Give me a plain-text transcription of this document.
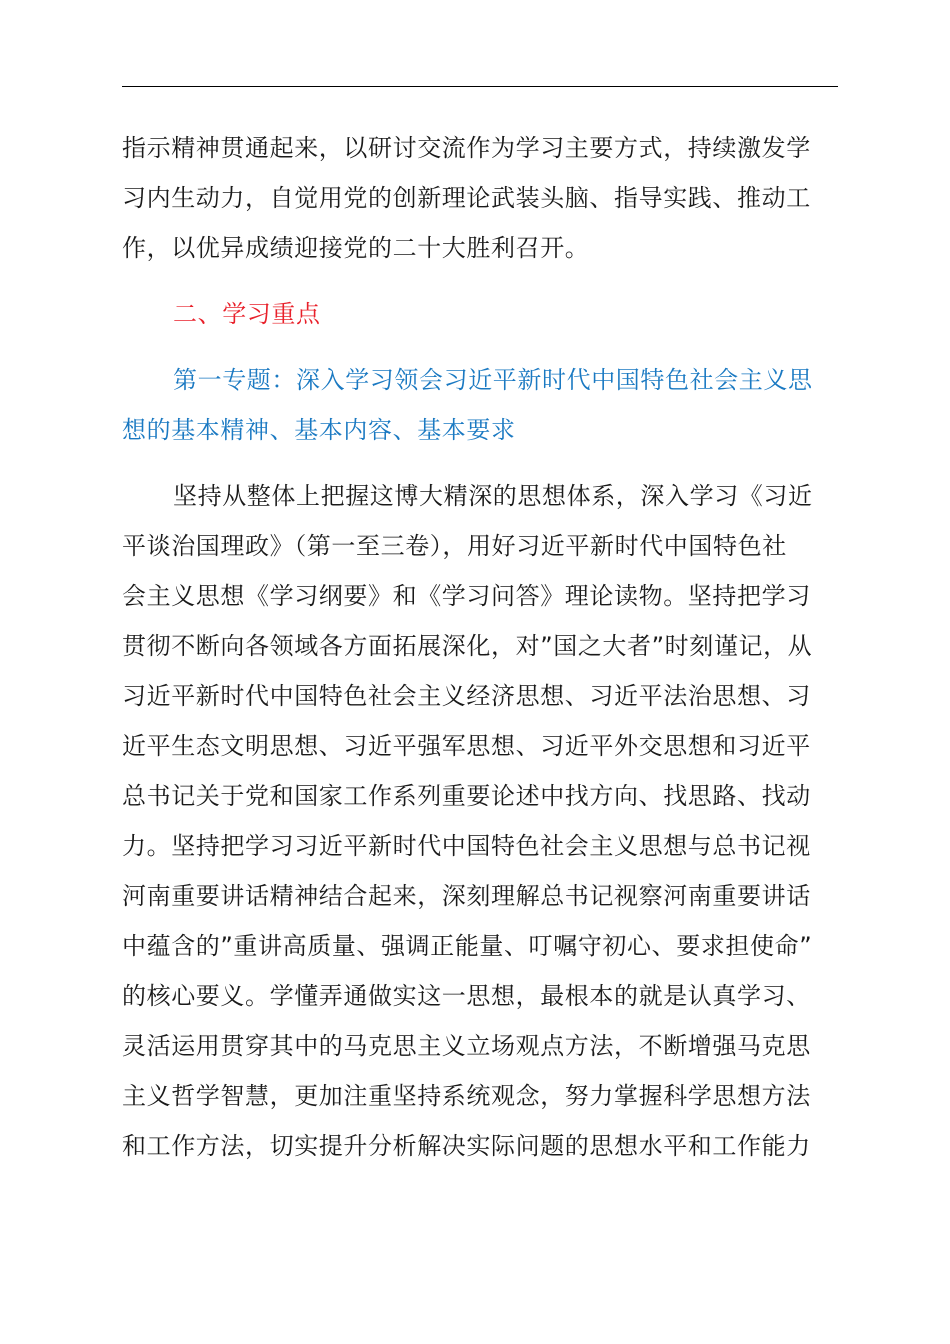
指示精神贯通起来，以研讨交流作为学习主要方式，持续激发学
习内生动力，自觉用党的创新理论武装头脑、指导实践、推动工
作，以优异成绩迎接党的二十大胜利召开。
二、学习重点
第一专题：深入学习领会习近平新时代中国特色社会主义思
想的基本精神、基本内容、基本要求
坚持从整体上把握这博大精深的思想体系，深入学习《习近
平谈治国理政》（第一至三卷），用好习近平新时代中国特色社
会主义思想《学习纲要》和《学习问答》理论读物。坚持把学习
贯彻不断向各领域各方面拓展深化，对”国之大者”时刻谨记，从
习近平新时代中国特色社会主义经济思想、习近平法治思想、习
近平生态文明思想、习近平强军思想、习近平外交思想和习近平
总书记关于党和国家工作系列重要论述中找方向、找思路、找动
力。坚持把学习习近平新时代中国特色社会主义思想与总书记视
河南重要讲话精神结合起来，深刻理解总书记视察河南重要讲话
中蕴含的”重讲高质量、强调正能量、叮嘱守初心、要求担使命”
的核心要义。学懂弄通做实这一思想，最根本的就是认真学习、
灵活运用贯穿其中的马克思主义立场观点方法，不断增强马克思
主义哲学智慧，更加注重坚持系统观念，努力掌握科学思想方法
和工作方法，切实提升分析解决实际问题的思想水平和工作能力
